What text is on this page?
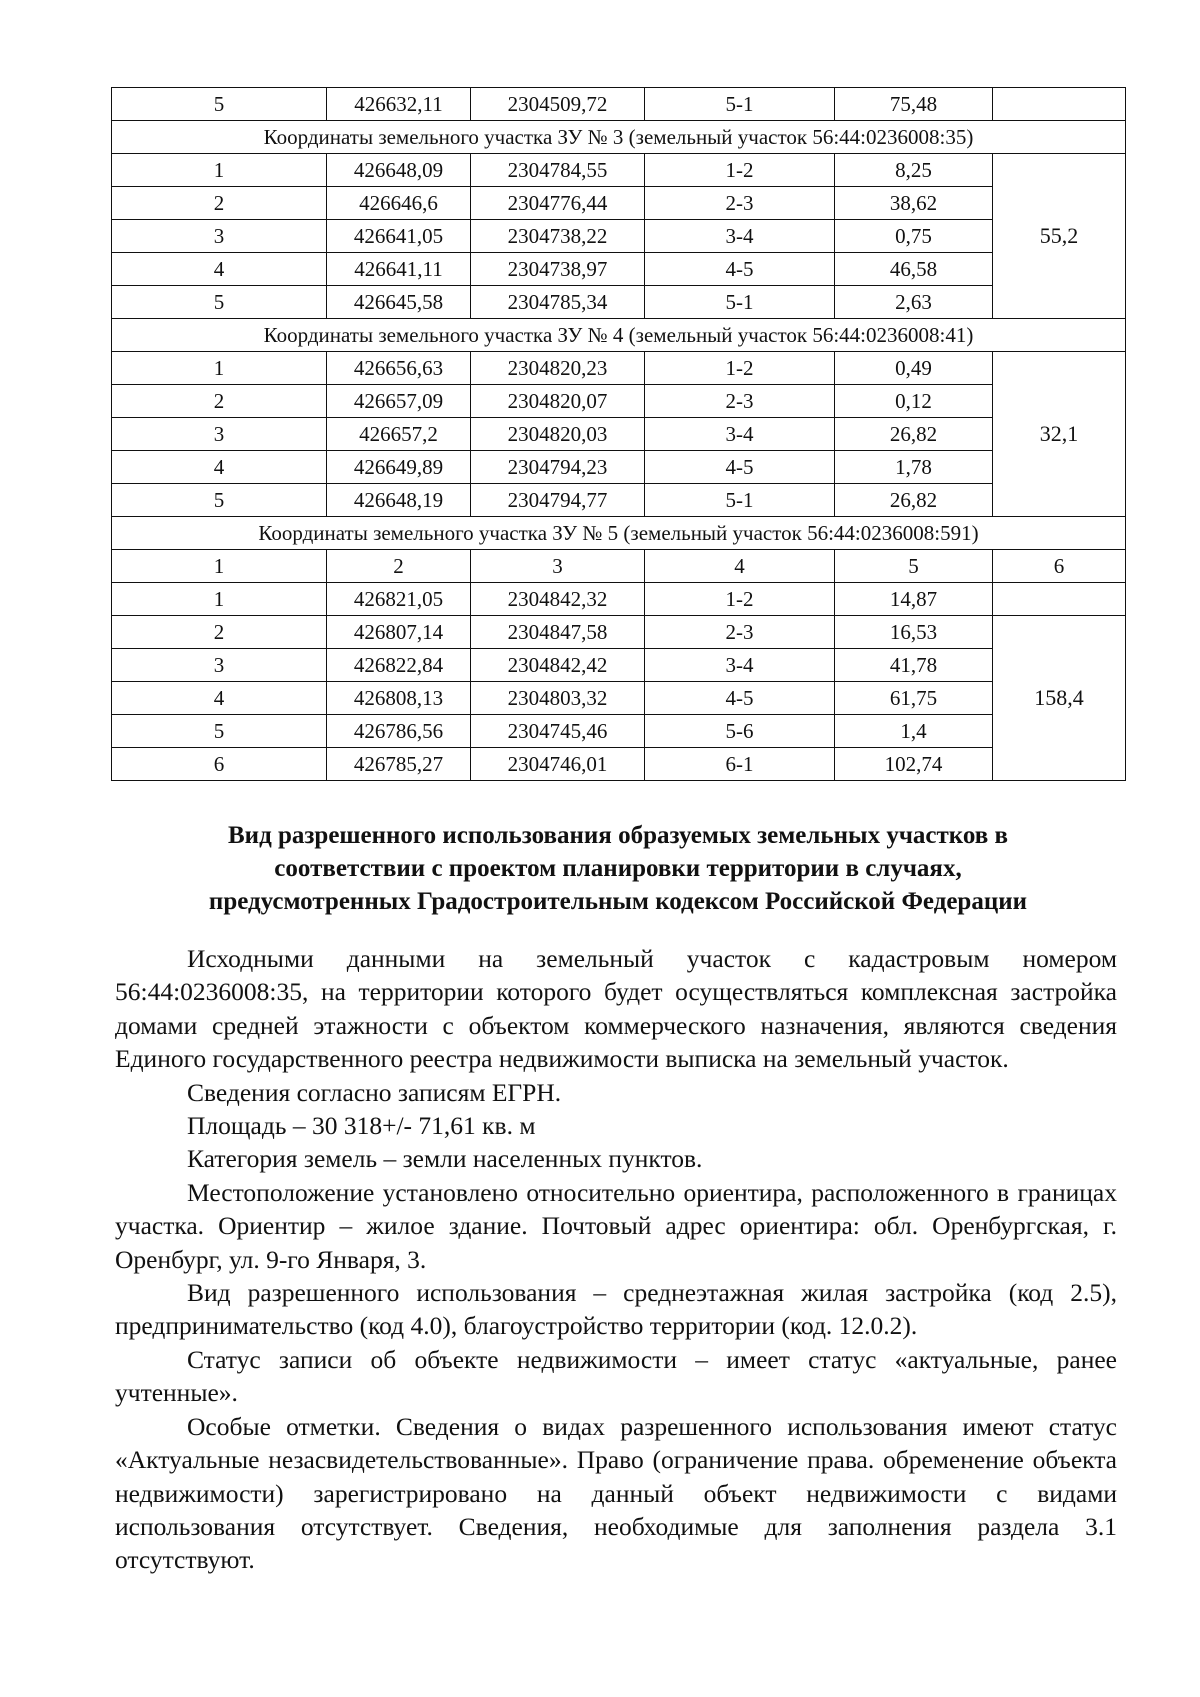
5	426632,11	2304509,72	5-1	75,48	
Координаты земельного участка ЗУ № 3 (земельный участок 56:44:0236008:35)					
1	426648,09	2304784,55	1-2	8,25	55,2
2	426646,6	2304776,44	2-3	38,62	
3	426641,05	2304738,22	3-4	0,75	
4	426641,11	2304738,97	4-5	46,58	
5	426645,58	2304785,34	5-1	2,63	
Координаты земельного участка ЗУ № 4 (земельный участок 56:44:0236008:41)					
1	426656,63	2304820,23	1-2	0,49	32,1
2	426657,09	2304820,07	2-3	0,12	
3	426657,2	2304820,03	3-4	26,82	
4	426649,89	2304794,23	4-5	1,78	
5	426648,19	2304794,77	5-1	26,82	
Координаты земельного участка ЗУ № 5 (земельный участок 56:44:0236008:591)					
1	2	3	4	5	6
1	426821,05	2304842,32	1-2	14,87	
2	426807,14	2304847,58	2-3	16,53	158,4
3	426822,84	2304842,42	3-4	41,78	
4	426808,13	2304803,32	4-5	61,75	
5	426786,56	2304745,46	5-6	1,4	
6	426785,27	2304746,01	6-1	102,74	
Вид разрешенного использования образуемых земельных участков в
соответствии с проектом планировки территории в случаях,
предусмотренных Градостроительным кодексом Российской Федерации

Исходными данными на земельный участок с кадастровым номером 56:44:0236008:35, на территории которого будет осуществляться комплексная застройка домами средней этажности с объектом коммерческого назначения, являются сведения Единого государственного реестра недвижимости выписка на земельный участок.

Сведения согласно записям ЕГРН.

Площадь – 30 318+/- 71,61 кв. м

Категория земель – земли населенных пунктов.

Местоположение установлено относительно ориентира, расположенного в границах участка. Ориентир – жилое здание. Почтовый адрес ориентира: обл. Оренбургская, г. Оренбург, ул. 9-го Января, 3.

Вид разрешенного использования – среднеэтажная жилая застройка (код 2.5), предпринимательство (код 4.0), благоустройство территории (код. 12.0.2).

Статус записи об объекте недвижимости – имеет статус «актуальные, ранее учтенные».

Особые отметки. Сведения о видах разрешенного использования имеют статус «Актуальные незасвидетельствованные». Право (ограничение права. обременение объекта недвижимости) зарегистрировано на данный объект недвижимости с видами использования отсутствует. Сведения, необходимые для заполнения раздела 3.1 отсутствуют.
